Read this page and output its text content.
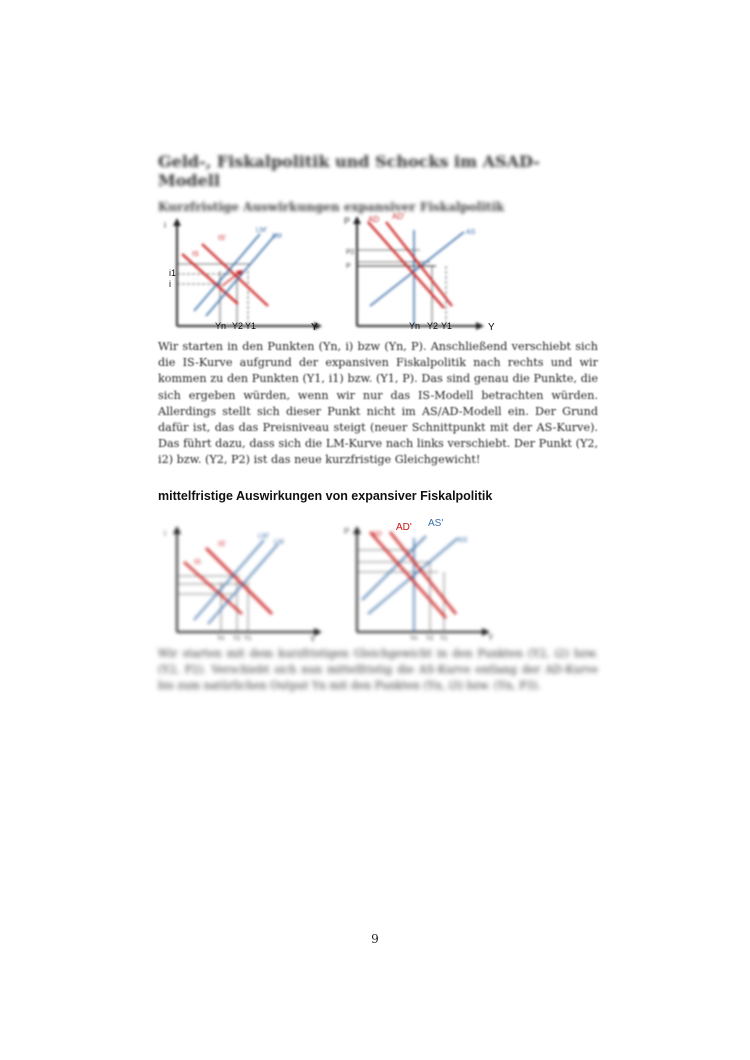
Geld-, Fiskalpolitik und Schocks im ASAD-Modell

Kurzfristige Auswirkungen expansiver Fiskalpolitik

i
IS
IS'
LM'
LM
i1
i
Yn Y2 Y1	Y
P
AS
AD AD'
P2
P
Yn Y2 Y1	Y

Wir starten in den Punkten (Yn, i) bzw (Yn, P). Anschließend verschiebt sich die IS-Kurve aufgrund der expansiven Fiskalpolitik nach rechts und wir kommen zu den Punkten (Y1, i1) bzw. (Y1, P). Das sind genau die Punkte, die sich ergeben würden, wenn wir nur das IS-Modell betrachten würden. Allerdings stellt sich dieser Punkt nicht im AS/AD-Modell ein. Der Grund dafür ist, das das Preisniveau steigt (neuer Schnittpunkt mit der AS-Kurve). Das führt dazu, dass sich die LM-Kurve nach links verschiebt. Der Punkt (Y2, i2) bzw. (Y2, P2) ist das neue kurzfristige Gleichgewicht!

mittelfristige Auswirkungen von expansiver Fiskalpolitik

i
IS
IS'
LM'
LM
Yn Y2 Y1	Y
P	AD
AS
Yn Y2 Y1	Y
AD' AS'

Wir starten mit dem kurzfristigen Gleichgewicht in den Punkten (Y2, i2) bzw. (Y2, P2). Verschiebt sich nun mittelfristig die AS-Kurve entlang der AD-Kurve bis zum natürlichen Output Yn mit den Punkten (Yn, i3) bzw. (Yn, P3).

9
